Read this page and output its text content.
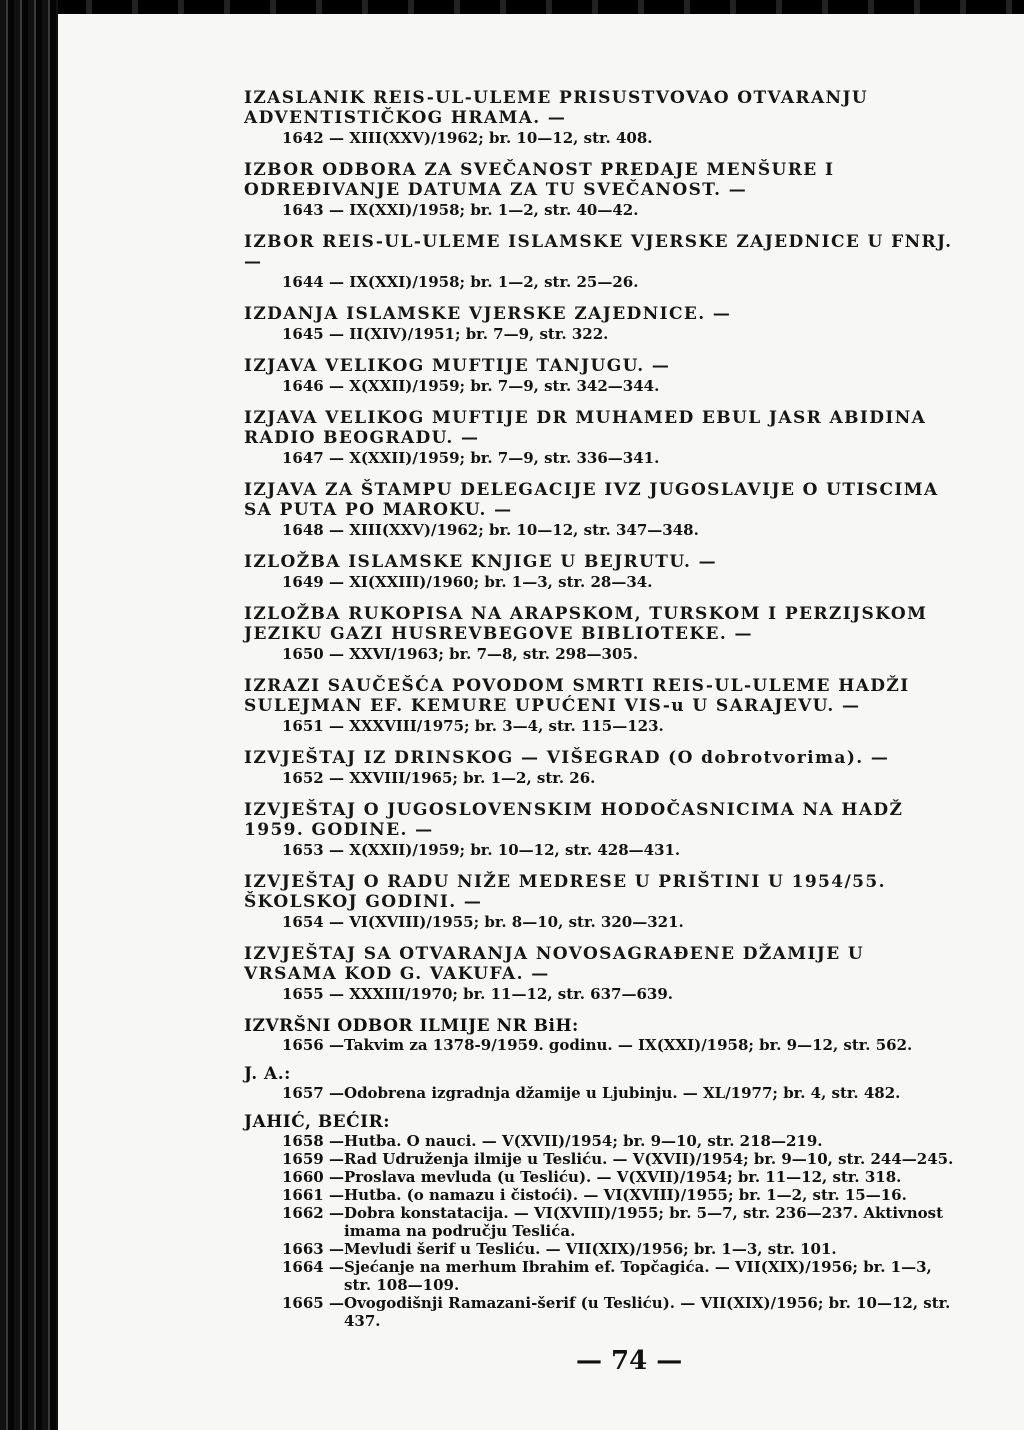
IZASLANIK REIS-UL-ULEME PRISUSTVOVAO OTVARANJU ADVENTISTIČKOG HRAMA. —
1642 — XIII(XXV)/1962; br. 10—12, str. 408.
IZBOR ODBORA ZA SVEČANOST PREDAJE MENŠURE I ODREĐIVANJE DATUMA ZA TU SVEČANOST. —
1643 — IX(XXI)/1958; br. 1—2, str. 40—42.
IZBOR REIS-UL-ULEME ISLAMSKE VJERSKE ZAJEDNICE U FNRJ. —
1644 — IX(XXI)/1958; br. 1—2, str. 25—26.
IZDANJA ISLAMSKE VJERSKE ZAJEDNICE. —
1645 — II(XIV)/1951; br. 7—9, str. 322.
IZJAVA VELIKOG MUFTIJE TANJUGU. —
1646 — X(XXII)/1959; br. 7—9, str. 342—344.
IZJAVA VELIKOG MUFTIJE DR MUHAMED EBUL JASR ABIDINA RADIO BEOGRADU. —
1647 — X(XXII)/1959; br. 7—9, str. 336—341.
IZJAVA ZA ŠTAMPU DELEGACIJE IVZ JUGOSLAVIJE O UTISCIMA SA PUTA PO MAROKU. —
1648 — XIII(XXV)/1962; br. 10—12, str. 347—348.
IZLOŽBA ISLAMSKE KNJIGE U BEJRUTU. —
1649 — XI(XXIII)/1960; br. 1—3, str. 28—34.
IZLOŽBA RUKOPISA NA ARAPSKOM, TURSKOM I PERZIJSKOM JEZIKU GAZI HUSREVBEGOVE BIBLIOTEKE. —
1650 — XXVI/1963; br. 7—8, str. 298—305.
IZRAZI SAUČEŠĆA POVODOM SMRTI REIS-UL-ULEME HADŽI SULEJMAN EF. KEMURE UPUĆENI VIS-u U SARAJEVU. —
1651 — XXXVIII/1975; br. 3—4, str. 115—123.
IZVJEŠTAJ IZ DRINSKOG — VIŠEGRAD (O dobrotvorima). —
1652 — XXVIII/1965; br. 1—2, str. 26.
IZVJEŠTAJ O JUGOSLOVENSKIM HODOČASNICIMA NA HADŽ 1959. GODINE. —
1653 — X(XXII)/1959; br. 10—12, str. 428—431.
IZVJEŠTAJ O RADU NIŽE MEDRESE U PRIŠTINI U 1954/55. ŠKOLSKOJ GODINI. —
1654 — VI(XVIII)/1955; br. 8—10, str. 320—321.
IZVJEŠTAJ SA OTVARANJA NOVOSAGRAĐENE DŽAMIJE U VRSAMA KOD G. VAKUFA. —
1655 — XXXIII/1970; br. 11—12, str. 637—639.
IZVRŠNI ODBOR ILMIJE NR BiH:
1656 — Takvim za 1378-9/1959. godinu. — IX(XXI)/1958; br. 9—12, str. 562.
J. A.:
1657 — Odobrena izgradnja džamije u Ljubinju. — XL/1977; br. 4, str. 482.
JAHIĆ, BEĆIR:
1658 — Hutba. O nauci. — V(XVII)/1954; br. 9—10, str. 218—219.
1659 — Rad Udruženja ilmije u Tesliću. — V(XVII)/1954; br. 9—10, str. 244—245.
1660 — Proslava mevluda (u Tesliću). — V(XVII)/1954; br. 11—12, str. 318.
1661 — Hutba. (o namazu i čistoći). — VI(XVIII)/1955; br. 1—2, str. 15—16.
1662 — Dobra konstatacija. — VI(XVIII)/1955; br. 5—7, str. 236—237. Aktivnost imama na području Teslića.
1663 — Mevludi šerif u Tesliću. — VII(XIX)/1956; br. 1—3, str. 101.
1664 — Sjećanje na merhum Ibrahim ef. Topčagića. — VII(XIX)/1956; br. 1—3, str. 108—109.
1665 — Ovogodišnji Ramazani-šerif (u Tesliću). — VII(XIX)/1956; br. 10—12, str. 437.
— 74 —
